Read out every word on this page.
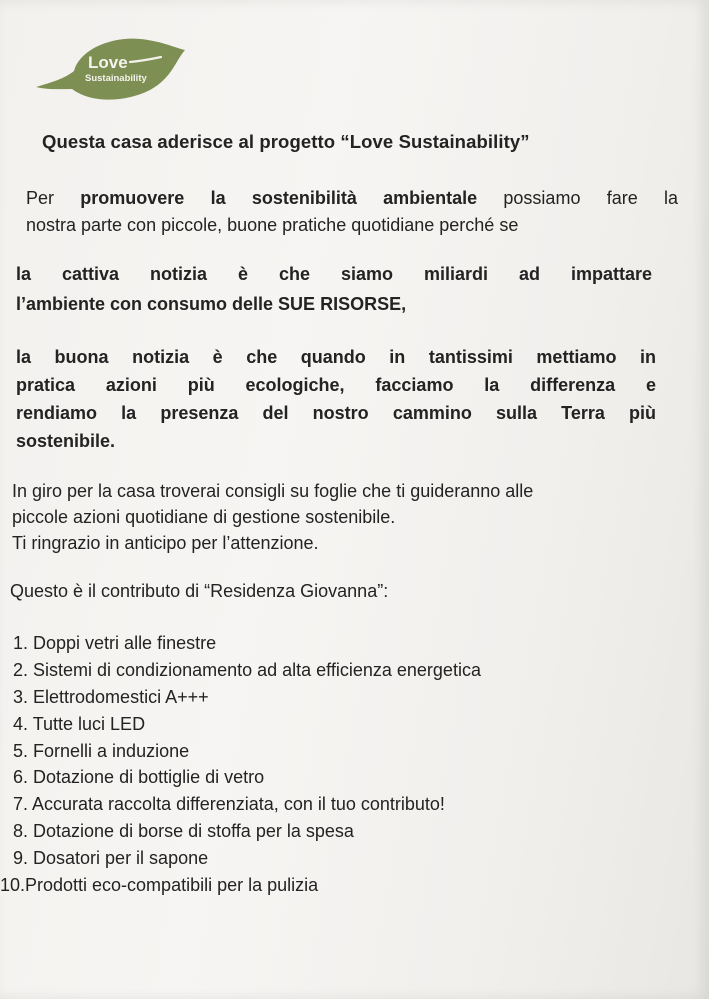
Love
Sustainability
Questa casa aderisce al progetto “Love Sustainability”
Per promuovere la sostenibilità ambientale possiamo fare la
nostra parte con piccole, buone pratiche quotidiane perché se
la cattiva notizia è che siamo miliardi ad impattare
l’ambiente con consumo delle SUE RISORSE,
la buona notizia è che quando in tantissimi mettiamo in
pratica azioni più ecologiche, facciamo la differenza e
rendiamo la presenza del nostro cammino sulla Terra più
sostenibile.
In giro per la casa troverai consigli su foglie che ti guideranno alle
piccole azioni quotidiane di gestione sostenibile.
Ti ringrazio in anticipo per l’attenzione.
Questo è il contributo di “Residenza Giovanna”:
1. Doppi vetri alle finestre
2. Sistemi di condizionamento ad alta efficienza energetica
3. Elettrodomestici A+++
4. Tutte luci LED
5. Fornelli a induzione
6. Dotazione di bottiglie di vetro
7. Accurata raccolta differenziata, con il tuo contributo!
8. Dotazione di borse di stoffa per la spesa
9. Dosatori per il sapone
10.Prodotti eco-compatibili per la pulizia
